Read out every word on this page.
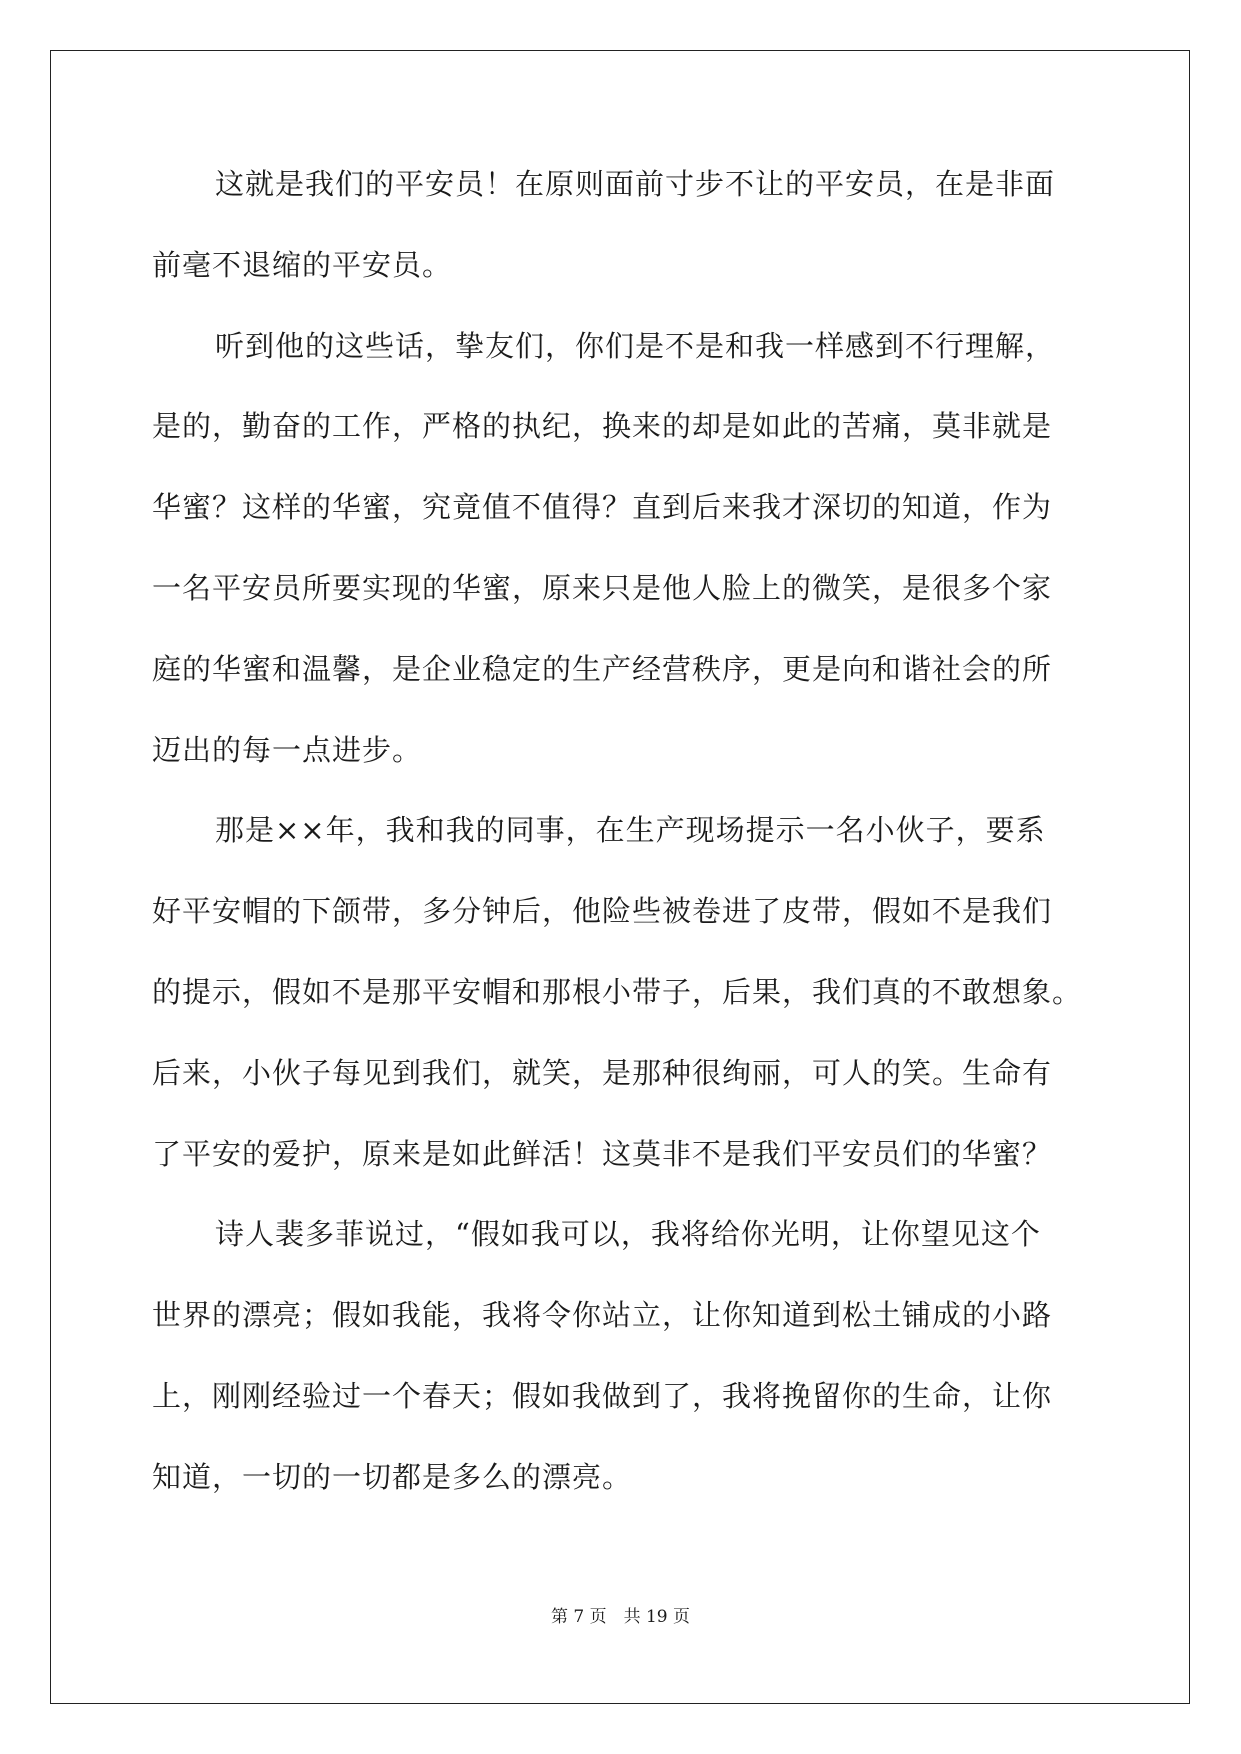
这就是我们的平安员！在原则面前寸步不让的平安员，在是非面
前毫不退缩的平安员。
听到他的这些话，挚友们，你们是不是和我一样感到不行理解，
是的，勤奋的工作，严格的执纪，换来的却是如此的苦痛，莫非就是
华蜜？这样的华蜜，究竟值不值得？直到后来我才深切的知道，作为
一名平安员所要实现的华蜜，原来只是他人脸上的微笑，是很多个家
庭的华蜜和温馨，是企业稳定的生产经营秩序，更是向和谐社会的所
迈出的每一点进步。
那是××年，我和我的同事，在生产现场提示一名小伙子，要系
好平安帽的下颌带，多分钟后，他险些被卷进了皮带，假如不是我们
的提示，假如不是那平安帽和那根小带子，后果，我们真的不敢想象。
后来，小伙子每见到我们，就笑，是那种很绚丽，可人的笑。生命有
了平安的爱护，原来是如此鲜活！这莫非不是我们平安员们的华蜜？
诗人裴多菲说过，“假如我可以，我将给你光明，让你望见这个
世界的漂亮；假如我能，我将令你站立，让你知道到松土铺成的小路
上，刚刚经验过一个春天；假如我做到了，我将挽留你的生命，让你
知道，一切的一切都是多么的漂亮。
第 7 页　共 19 页
